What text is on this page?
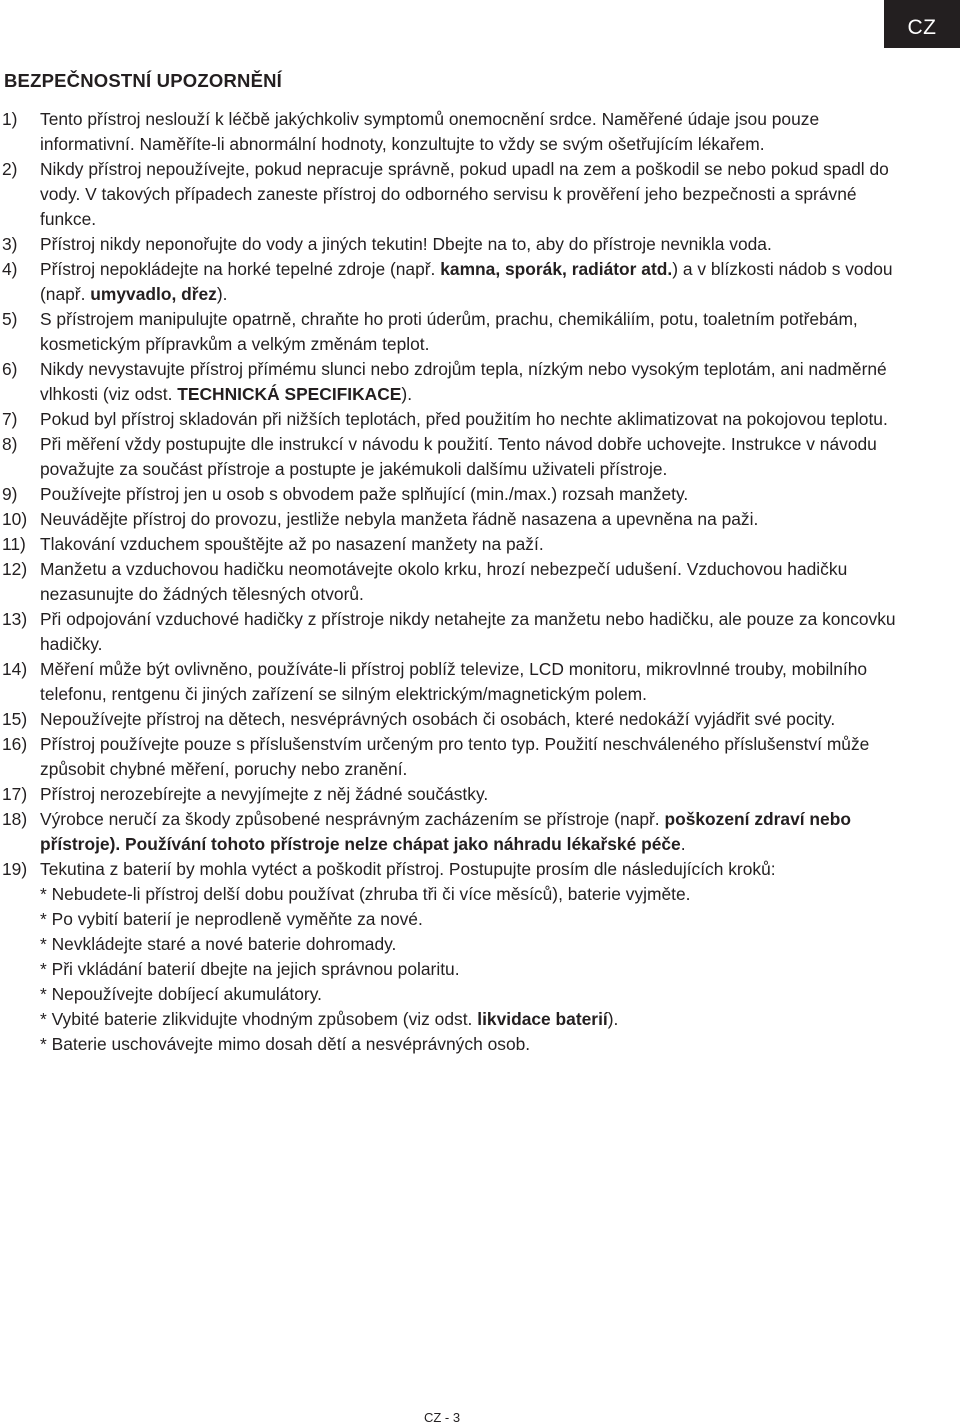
CZ
BEZPEČNOSTNÍ UPOZORNĚNÍ
1) Tento přístroj neslouží k léčbě jakýchkoliv symptomů onemocnění srdce. Naměřené údaje jsou pouze informativní. Naměříte-li abnormální hodnoty, konzultujte to vždy se svým ošetřujícím lékařem.
2) Nikdy přístroj nepoužívejte, pokud nepracuje správně, pokud upadl na zem a poškodil se nebo pokud spadl do vody. V takových případech zaneste přístroj do odborného servisu k prověření jeho bezpečnosti a správné funkce.
3) Přístroj nikdy neponořujte do vody a jiných tekutin! Dbejte na to, aby do přístroje nevnikla voda.
4) Přístroj nepokládejte na horké tepelné zdroje (např. kamna, sporák, radiátor atd.) a v blízkosti nádob s vodou (např. umyvadlo, dřez).
5) S přístrojem manipulujte opatrně, chraňte ho proti úderům, prachu, chemikáliím, potu, toaletním potřebám, kosmetickým přípravkům a velkým změnám teplot.
6) Nikdy nevystavujte přístroj přímému slunci nebo zdrojům tepla, nízkým nebo vysokým teplotám, ani nadměrné vlhkosti (viz odst. TECHNICKÁ SPECIFIKACE).
7) Pokud byl přístroj skladován při nižších teplotách, před použitím ho nechte aklimatizovat na pokojovou teplotu.
8) Při měření vždy postupujte dle instrukcí v návodu k použití. Tento návod dobře uchovejte. Instrukce v návodu považujte za součást přístroje a postupte je jakémukoli dalšímu uživateli přístroje.
9) Používejte přístroj jen u osob s obvodem paže splňující (min./max.) rozsah manžety.
10) Neuvádějte přístroj do provozu, jestliže nebyla manžeta řádně nasazena a upevněna na paži.
11) Tlakování vzduchem spouštějte až po nasazení manžety na paží.
12) Manžetu a vzduchovou hadičku neomotávejte okolo krku, hrozí nebezpečí udušení. Vzduchovou hadičku nezasunujte do žádných tělesných otvorů.
13) Při odpojování vzduchové hadičky z přístroje nikdy netahejte za manžetu nebo hadičku, ale pouze za koncovku hadičky.
14) Měření může být ovlivněno, používáte-li přístroj poblíž televize, LCD monitoru, mikrovlnné trouby, mobilního telefonu, rentgenu či jiných zařízení se silným elektrickým/magnetickým polem.
15) Nepoužívejte přístroj na dětech, nesvéprávných osobách či osobách, které nedokáží vyjádřit své pocity.
16) Přístroj používejte pouze s příslušenstvím určeným pro tento typ. Použití neschváleného příslušenství může způsobit chybné měření, poruchy nebo zranění.
17) Přístroj nerozebírejte a nevyjímejte z něj žádné součástky.
18) Výrobce neručí za škody způsobené nesprávným zacházením se přístroje (např. poškození zdraví nebo přístroje). Používání tohoto přístroje nelze chápat jako náhradu lékařské péče.
19) Tekutina z baterií by mohla vytéct a poškodit přístroj. Postupujte prosím dle následujících kroků:
* Nebudete-li přístroj delší dobu používat (zhruba tři či více měsíců), baterie vyjměte.
* Po vybití baterií je neprodleně vyměňte za nové.
* Nevkládejte staré a nové baterie dohromady.
* Při vkládání baterií dbejte na jejich správnou polaritu.
* Nepoužívejte dobíjecí akumulátory.
* Vybité baterie zlikvidujte vhodným způsobem (viz odst. likvidace baterií).
* Baterie uschovávejte mimo dosah dětí a nesvéprávných osob.
CZ - 3
